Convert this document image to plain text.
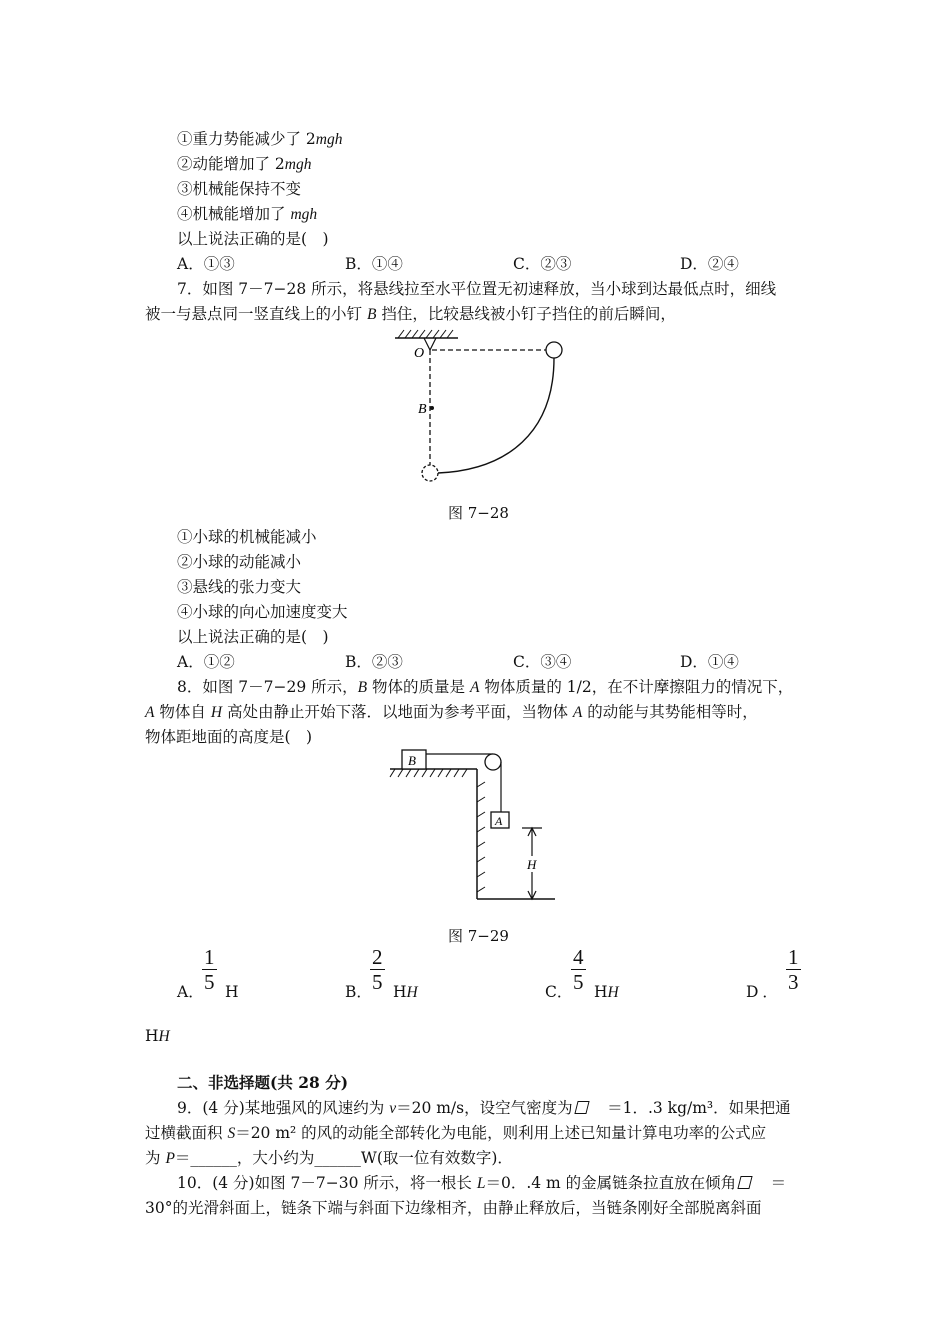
①重力势能减少了 2mgh
②动能增加了 2mgh
③机械能保持不变
④机械能增加了 mgh
以上说法正确的是(　)
A．①③	B．①④	C．②③	D．②④
7．如图 7－7−28 所示，将悬线拉至水平位置无初速释放，当小球到达最低点时，细线
被一与悬点同一竖直线上的小钉 B 挡住，比较悬线被小钉子挡住的前后瞬间，
O
B
图 7−28
①小球的机械能减小
②小球的动能减小
③悬线的张力变大
④小球的向心加速度变大
以上说法正确的是(　)
A．①②	B．②③	C．③④	D．①④
8．如图 7－7−29 所示，B 物体的质量是 A 物体质量的 1/2，在不计摩擦阻力的情况下，
A 物体自 H 高处由静止开始下落．以地面为参考平面，当物体 A 的动能与其势能相等时，
物体距地面的高度是(　)
B
A
H
图 7−29
A．
$\frac{1}{5}$ H	B．
$\frac{2}{5}$ HH	C．
$\frac{4}{5}$ HH	D． $\frac{1}{3}$
HH
二、非选择题(共 28 分)
9．(4 分)某地强风的风速约为 v＝20 m/s，设空气密度为　＝1．.3 kg/m³．如果把通
过横截面积 S＝20 m² 的风的动能全部转化为电能，则利用上述已知量计算电功率的公式应
为 P＝______，大小约为______W(取一位有效数字)．
10．(4 分)如图 7－7−30 所示，将一根长 L＝0．.4 m 的金属链条拉直放在倾角　＝
30°的光滑斜面上，链条下端与斜面下边缘相齐，由静止释放后，当链条刚好全部脱离斜面
